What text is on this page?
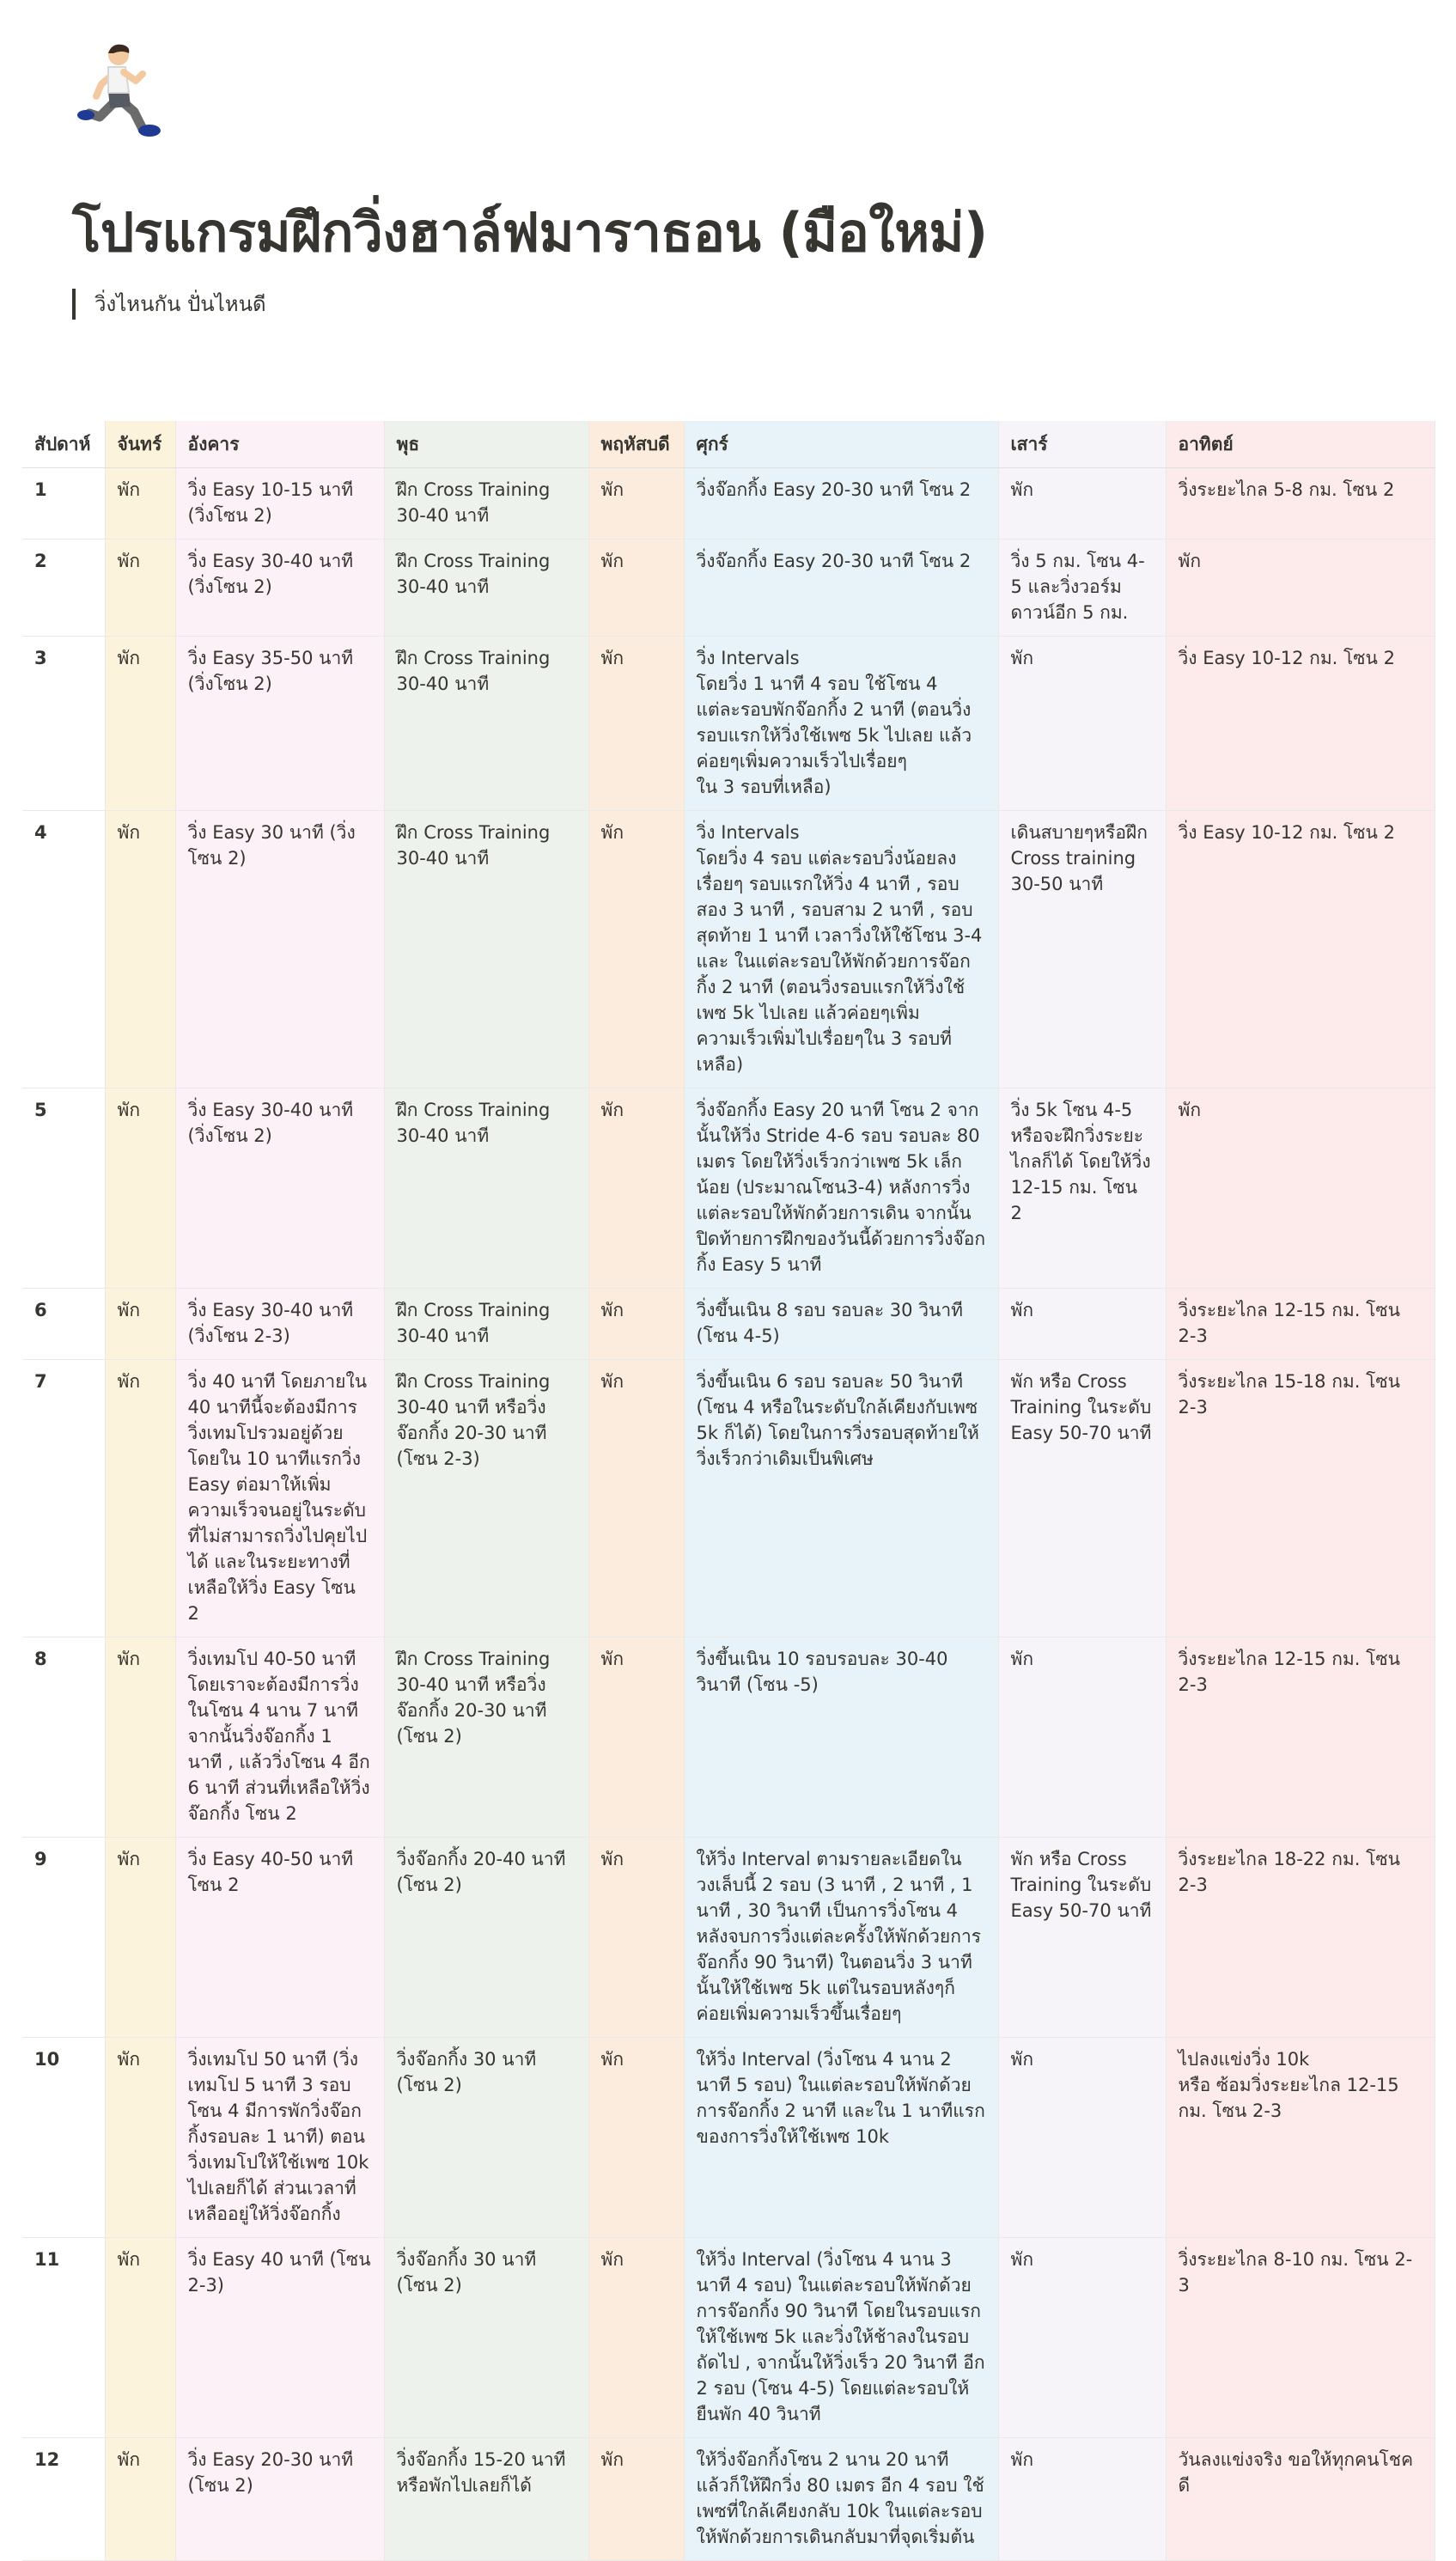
โปรแกรมฝึกวิ่งฮาล์ฟมาราธอน (มือใหม่)
วิ่งไหนกัน ปั่นไหนดี
สัปดาห์	จันทร์	อังคาร	พุธ	พฤหัสบดี	ศุกร์	เสาร์	อาทิตย์
1	พัก	วิ่ง Easy 10-15 นาที (วิ่งโซน 2)	ฝึก Cross Training 30-40 นาที	พัก	วิ่งจ๊อกกิ้ง Easy 20-30 นาที โซน 2	พัก	วิ่งระยะไกล 5-8 กม. โซน 2
2	พัก	วิ่ง Easy 30-40 นาที (วิ่งโซน 2)	ฝึก Cross Training 30-40 นาที	พัก	วิ่งจ๊อกกิ้ง Easy 20-30 นาที โซน 2	วิ่ง 5 กม. โซน 4-5 และวิ่งวอร์มดาวน์อีก 5 กม.	พัก
3	พัก	วิ่ง Easy 35-50 นาที (วิ่งโซน 2)	ฝึก Cross Training 30-40 นาที	พัก	วิ่ง Intervals
โดยวิ่ง 1 นาที 4 รอบ ใช้โซน 4 แต่ละรอบพักจ๊อกกิ้ง 2 นาที (ตอนวิ่งรอบแรกให้วิ่งใช้เพซ 5k ไปเลย แล้วค่อยๆเพิ่มความเร็วไปเรื่อยๆ
ใน 3 รอบที่เหลือ)	พัก	วิ่ง Easy 10-12 กม. โซน 2
4	พัก	วิ่ง Easy 30 นาที (วิ่งโซน 2)	ฝึก Cross Training 30-40 นาที	พัก	วิ่ง Intervals
โดยวิ่ง 4 รอบ แต่ละรอบวิ่งน้อยลงเรื่อยๆ รอบแรกให้วิ่ง 4 นาที , รอบสอง 3 นาที , รอบสาม 2 นาที , รอบสุดท้าย 1 นาที เวลาวิ่งให้ใช้โซน 3-4 และ ในแต่ละรอบให้พักด้วยการจ๊อกกิ้ง 2 นาที (ตอนวิ่งรอบแรกให้วิ่งใช้เพซ 5k ไปเลย แล้วค่อยๆเพิ่มความเร็วเพิ่มไปเรื่อยๆใน 3 รอบที่เหลือ)	เดินสบายๆหรือฝึก Cross training 30-50 นาที	วิ่ง Easy 10-12 กม. โซน 2
5	พัก	วิ่ง Easy 30-40 นาที (วิ่งโซน 2)	ฝึก Cross Training 30-40 นาที	พัก	วิ่งจ๊อกกิ้ง Easy 20 นาที โซน 2 จากนั้นให้วิ่ง Stride 4-6 รอบ รอบละ 80 เมตร โดยให้วิ่งเร็วกว่าเพซ 5k เล็กน้อย (ประมาณโซน3-4) หลังการวิ่งแต่ละรอบให้พักด้วยการเดิน จากนั้นปิดท้ายการฝึกของวันนี้ด้วยการวิ่งจ๊อกกิ้ง Easy 5 นาที	วิ่ง 5k โซน 4-5 หรือจะฝึกวิ่งระยะไกลก็ได้ โดยให้วิ่ง 12-15 กม. โซน 2	พัก
6	พัก	วิ่ง Easy 30-40 นาที (วิ่งโซน 2-3)	ฝึก Cross Training 30-40 นาที	พัก	วิ่งขึ้นเนิน 8 รอบ รอบละ 30 วินาที (โซน 4-5)	พัก	วิ่งระยะไกล 12-15 กม. โซน 2-3
7	พัก	วิ่ง 40 นาที โดยภายใน 40 นาทีนี้จะต้องมีการวิ่งเทมโปรวมอยู่ด้วย โดยใน 10 นาทีแรกวิ่ง Easy ต่อมาให้เพิ่มความเร็วจนอยู่ในระดับที่ไม่สามารถวิ่งไปคุยไปได้ และในระยะทางที่เหลือให้วิ่ง Easy โซน 2	ฝึก Cross Training 30-40 นาที หรือวิ่งจ๊อกกิ้ง 20-30 นาที (โซน 2-3)	พัก	วิ่งขึ้นเนิน 6 รอบ รอบละ 50 วินาที (โซน 4 หรือในระดับใกล้เคียงกับเพซ 5k ก็ได้) โดยในการวิ่งรอบสุดท้ายให้วิ่งเร็วกว่าเดิมเป็นพิเศษ	พัก หรือ Cross Training ในระดับ Easy 50-70 นาที	วิ่งระยะไกล 15-18 กม. โซน 2-3
8	พัก	วิ่งเทมโป 40-50 นาที โดยเราจะต้องมีการวิ่งในโซน 4 นาน 7 นาที จากนั้นวิ่งจ๊อกกิ้ง 1 นาที , แล้ววิ่งโซน 4 อีก 6 นาที ส่วนที่เหลือให้วิ่งจ๊อกกิ้ง โซน 2	ฝึก Cross Training 30-40 นาที หรือวิ่งจ๊อกกิ้ง 20-30 นาที (โซน 2)	พัก	วิ่งขึ้นเนิน 10 รอบรอบละ 30-40 วินาที (โซน -5)	พัก	วิ่งระยะไกล 12-15 กม. โซน 2-3
9	พัก	วิ่ง Easy 40-50 นาที โซน 2	วิ่งจ๊อกกิ้ง 20-40 นาที (โซน 2)	พัก	ให้วิ่ง Interval ตามรายละเอียดในวงเล็บนี้ 2 รอบ (3 นาที , 2 นาที , 1 นาที , 30 วินาที เป็นการวิ่งโซน 4 หลังจบการวิ่งแต่ละครั้งให้พักด้วยการจ๊อกกิ้ง 90 วินาที) ในตอนวิ่ง 3 นาทีนั้นให้ใช้เพซ 5k แต่ในรอบหลังๆก็ค่อยเพิ่มความเร็วขึ้นเรื่อยๆ	พัก หรือ Cross Training ในระดับ Easy 50-70 นาที	วิ่งระยะไกล 18-22 กม. โซน 2-3
10	พัก	วิ่งเทมโป 50 นาที (วิ่งเทมโป 5 นาที 3 รอบ โซน 4 มีการพักวิ่งจ๊อกกิ้งรอบละ 1 นาที) ตอนวิ่งเทมโปให้ใช้เพซ 10k ไปเลยก็ได้ ส่วนเวลาที่เหลืออยู่ให้วิ่งจ๊อกกิ้ง	วิ่งจ๊อกกิ้ง 30 นาที (โซน 2)	พัก	ให้วิ่ง Interval (วิ่งโซน 4 นาน 2 นาที 5 รอบ) ในแต่ละรอบให้พักด้วยการจ๊อกกิ้ง 2 นาที และใน 1 นาทีแรกของการวิ่งให้ใช้เพซ 10k	พัก	ไปลงแข่งวิ่ง 10k
หรือ ซ้อมวิ่งระยะไกล 12-15 กม. โซน 2-3
11	พัก	วิ่ง Easy 40 นาที (โซน 2-3)	วิ่งจ๊อกกิ้ง 30 นาที (โซน 2)	พัก	ให้วิ่ง Interval (วิ่งโซน 4 นาน 3 นาที 4 รอบ) ในแต่ละรอบให้พักด้วยการจ๊อกกิ้ง 90 วินาที โดยในรอบแรกให้ใช้เพซ 5k และวิ่งให้ช้าลงในรอบถัดไป , จากนั้นให้วิ่งเร็ว 20 วินาที อีก 2 รอบ (โซน 4-5) โดยแต่ละรอบให้ยืนพัก 40 วินาที	พัก	วิ่งระยะไกล 8-10 กม. โซน 2-3
12	พัก	วิ่ง Easy 20-30 นาที (โซน 2)	วิ่งจ๊อกกิ้ง 15-20 นาที หรือพักไปเลยก็ได้	พัก	ให้วิ่งจ๊อกกิ้งโซน 2 นาน 20 นาที แล้วก็ให้ฝึกวิ่ง 80 เมตร อีก 4 รอบ ใช้เพซที่ใกล้เคียงกลับ 10k ในแต่ละรอบให้พักด้วยการเดินกลับมาที่จุดเริ่มต้น	พัก	วันลงแข่งจริง ขอให้ทุกคนโชคดี
